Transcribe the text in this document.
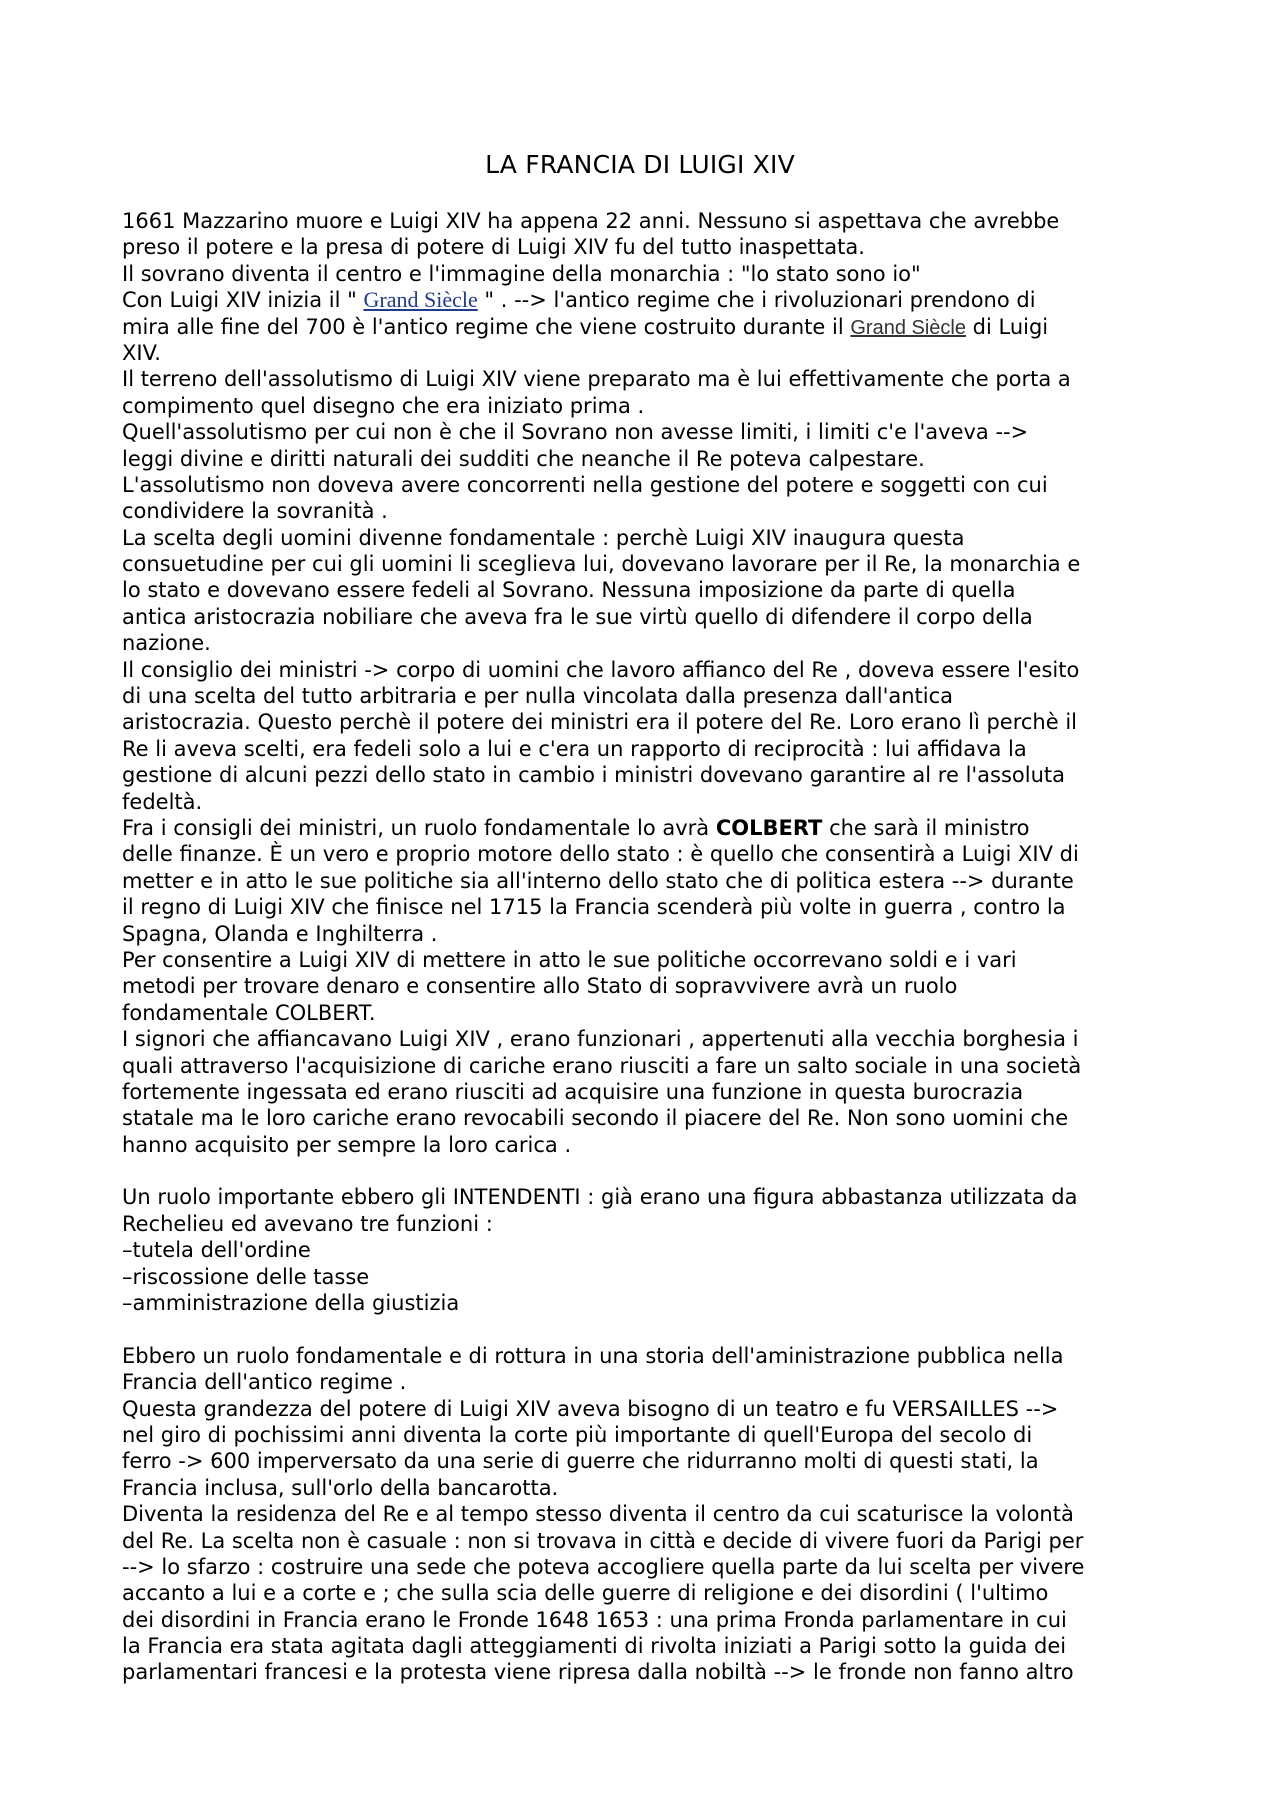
LA FRANCIA DI LUIGI XIV
1661 Mazzarino muore e Luigi XIV ha appena 22 anni. Nessuno si aspettava che avrebbe
preso il potere e la presa di potere di Luigi XIV fu del tutto inaspettata.
Il sovrano diventa il centro e l'immagine della monarchia : "lo stato sono io"
Con Luigi XIV inizia il " Grand Siècle " . --> l'antico regime che i rivoluzionari prendono di
mira alle fine del 700 è l'antico regime che viene costruito durante il Grand Siècle di Luigi
XIV.
Il terreno dell'assolutismo di Luigi XIV viene preparato ma è lui effettivamente che porta a
compimento quel disegno che era iniziato prima .
Quell'assolutismo per cui non è che il Sovrano non avesse limiti, i limiti c'e l'aveva -->
leggi divine e diritti naturali dei sudditi che neanche il Re poteva calpestare.
L'assolutismo non doveva avere concorrenti nella gestione del potere e soggetti con cui
condividere la sovranità .
La scelta degli uomini divenne fondamentale : perchè Luigi XIV inaugura questa
consuetudine per cui gli uomini li sceglieva lui, dovevano lavorare per il Re, la monarchia e
lo stato e dovevano essere fedeli al Sovrano. Nessuna imposizione da parte di quella
antica aristocrazia nobiliare che aveva fra le sue virtù quello di difendere il corpo della
nazione.
Il consiglio dei ministri -> corpo di uomini che lavoro affianco del Re , doveva essere l'esito
di una scelta del tutto arbitraria e per nulla vincolata dalla presenza dall'antica
aristocrazia. Questo perchè il potere dei ministri era il potere del Re. Loro erano lì perchè il
Re li aveva scelti, era fedeli solo a lui e c'era un rapporto di reciprocità : lui affidava la
gestione di alcuni pezzi dello stato in cambio i ministri dovevano garantire al re l'assoluta
fedeltà.
Fra i consigli dei ministri, un ruolo fondamentale lo avrà COLBERT che sarà il ministro
delle finanze. È un vero e proprio motore dello stato : è quello che consentirà a Luigi XIV di
metter e in atto le sue politiche sia all'interno dello stato che di politica estera --> durante
il regno di Luigi XIV che finisce nel 1715 la Francia scenderà più volte in guerra , contro la
Spagna, Olanda e Inghilterra .
Per consentire a Luigi XIV di mettere in atto le sue politiche occorrevano soldi e i vari
metodi per trovare denaro e consentire allo Stato di sopravvivere avrà un ruolo
fondamentale COLBERT.
I signori che affiancavano Luigi XIV , erano funzionari , appertenuti alla vecchia borghesia i
quali attraverso l'acquisizione di cariche erano riusciti a fare un salto sociale in una società
fortemente ingessata ed erano riusciti ad acquisire una funzione in questa burocrazia
statale ma le loro cariche erano revocabili secondo il piacere del Re. Non sono uomini che
hanno acquisito per sempre la loro carica .
Un ruolo importante ebbero gli INTENDENTI : già erano una figura abbastanza utilizzata da
Rechelieu ed avevano tre funzioni :
–tutela dell'ordine
–riscossione delle tasse
–amministrazione della giustizia
Ebbero un ruolo fondamentale e di rottura in una storia dell'aministrazione pubblica nella
Francia dell'antico regime .
Questa grandezza del potere di Luigi XIV aveva bisogno di un teatro e fu VERSAILLES -->
nel giro di pochissimi anni diventa la corte più importante di quell'Europa del secolo di
ferro -> 600 imperversato da una serie di guerre che ridurranno molti di questi stati, la
Francia inclusa, sull'orlo della bancarotta.
Diventa la residenza del Re e al tempo stesso diventa il centro da cui scaturisce la volontà
del Re. La scelta non è casuale : non si trovava in città e decide di vivere fuori da Parigi per
--> lo sfarzo : costruire una sede che poteva accogliere quella parte da lui scelta per vivere
accanto a lui e a corte e ; che sulla scia delle guerre di religione e dei disordini ( l'ultimo
dei disordini in Francia erano le Fronde 1648 1653 : una prima Fronda parlamentare in cui
la Francia era stata agitata dagli atteggiamenti di rivolta iniziati a Parigi sotto la guida dei
parlamentari francesi e la protesta viene ripresa dalla nobiltà --> le fronde non fanno altro
